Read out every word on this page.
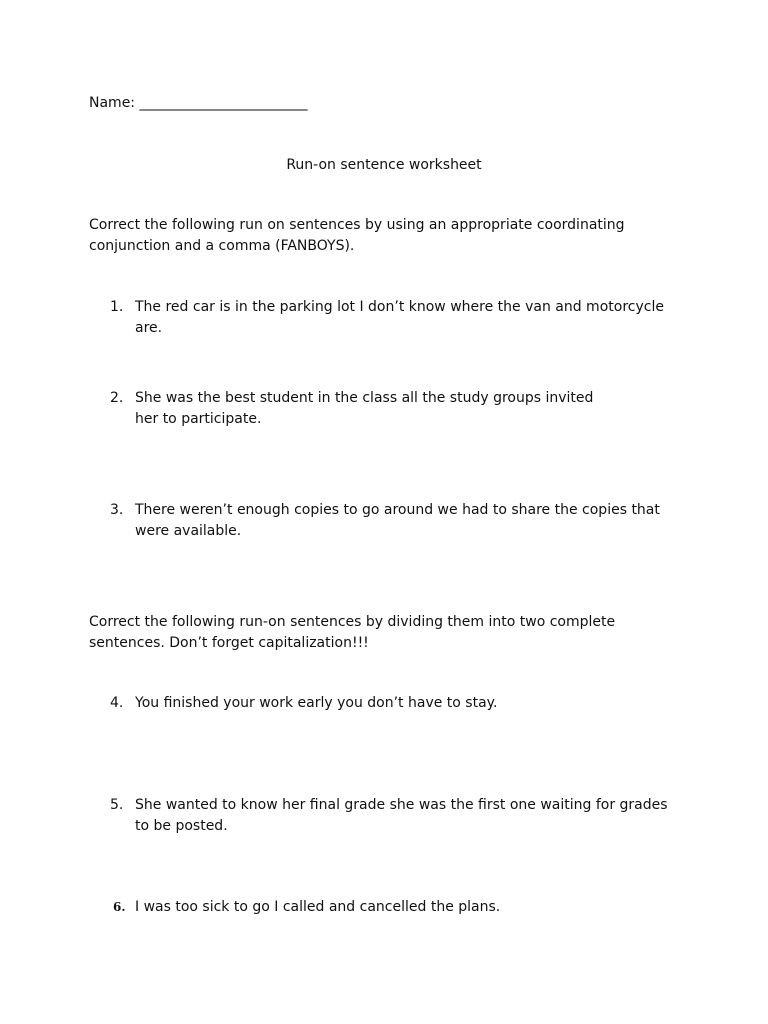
Name: ________________________
Run-on sentence worksheet
Correct the following run on sentences by using an appropriate coordinating conjunction and a comma (FANBOYS).
1. The red car is in the parking lot I don’t know where the van and motorcycle are.
2. She was the best student in the class all the study groups invited her to participate.
3. There weren’t enough copies to go around we had to share the copies that were available.
Correct the following run-on sentences by dividing them into two complete sentences. Don’t forget capitalization!!!
4. You finished your work early you don’t have to stay.
5. She wanted to know her final grade she was the first one waiting for grades to be posted.
6. I was too sick to go I called and cancelled the plans.
